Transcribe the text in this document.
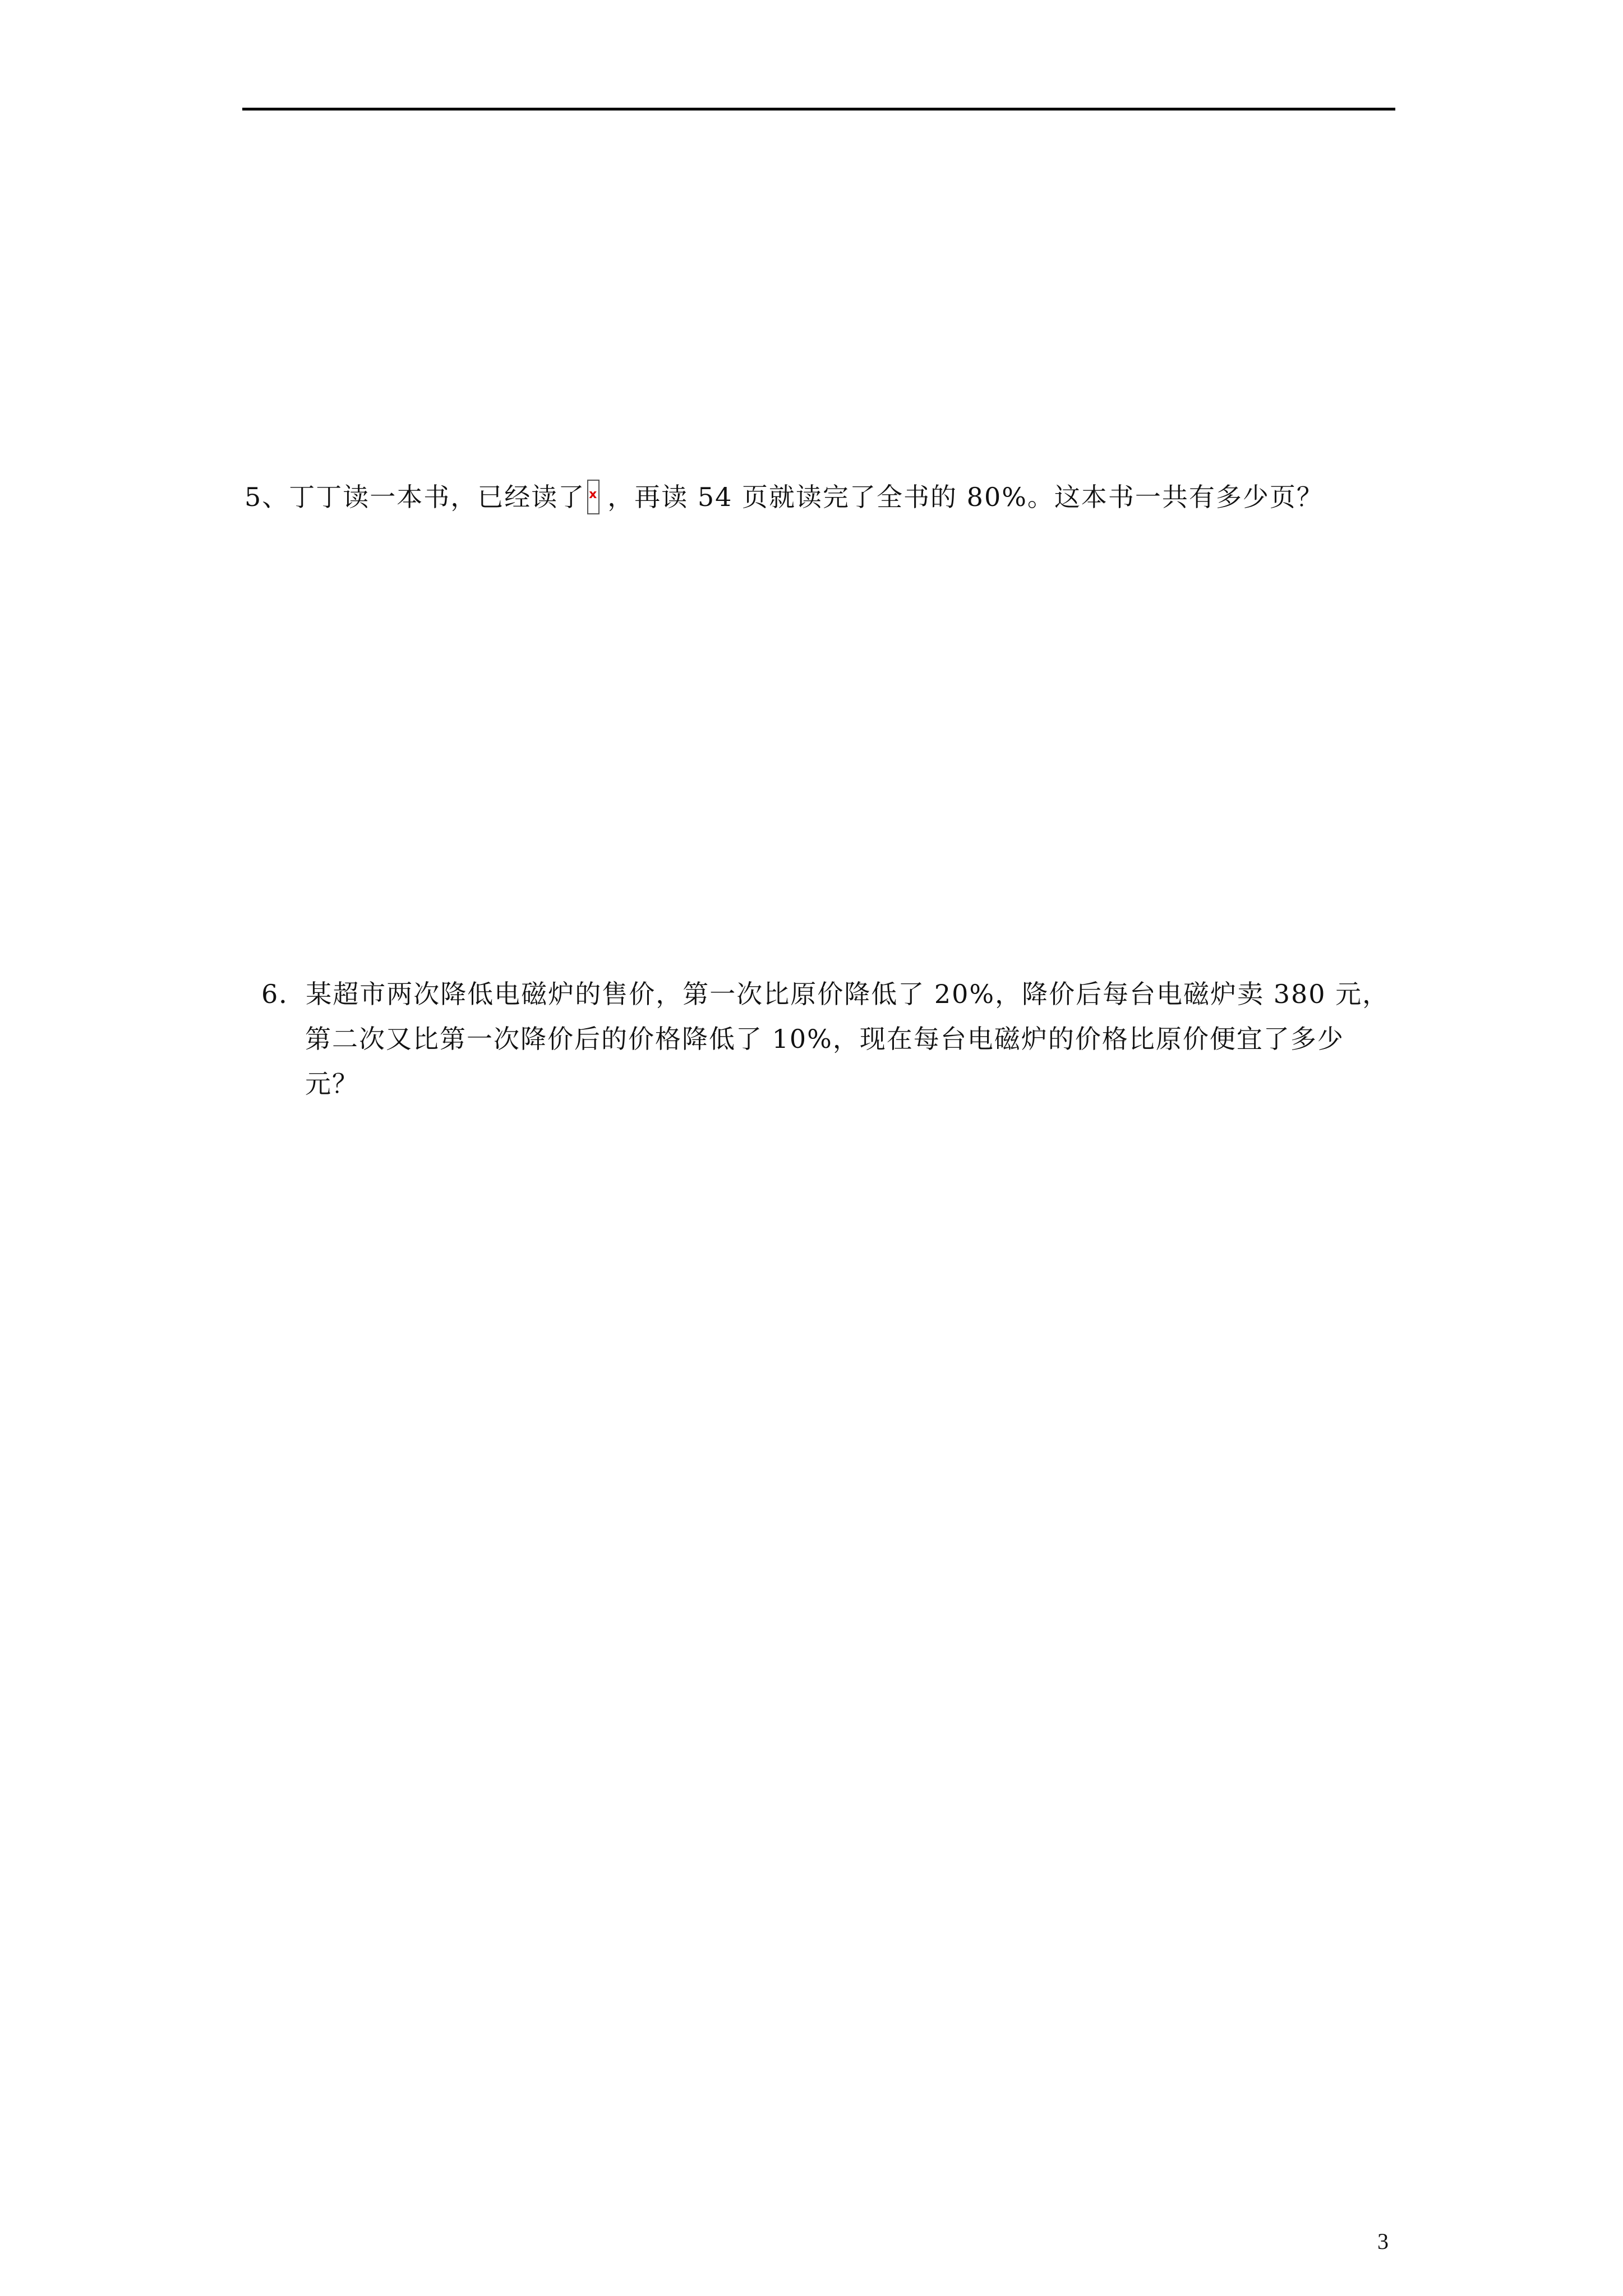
5、丁丁读一本书，已经读了 x ，再读 54 页就读完了全书的 80%。这本书一共有多少页？
6．某超市两次降低电磁炉的售价，第一次比原价降低了 20%，降价后每台电磁炉卖 380 元，
第二次又比第一次降价后的价格降低了 10%，现在每台电磁炉的价格比原价便宜了多少
元？
3
